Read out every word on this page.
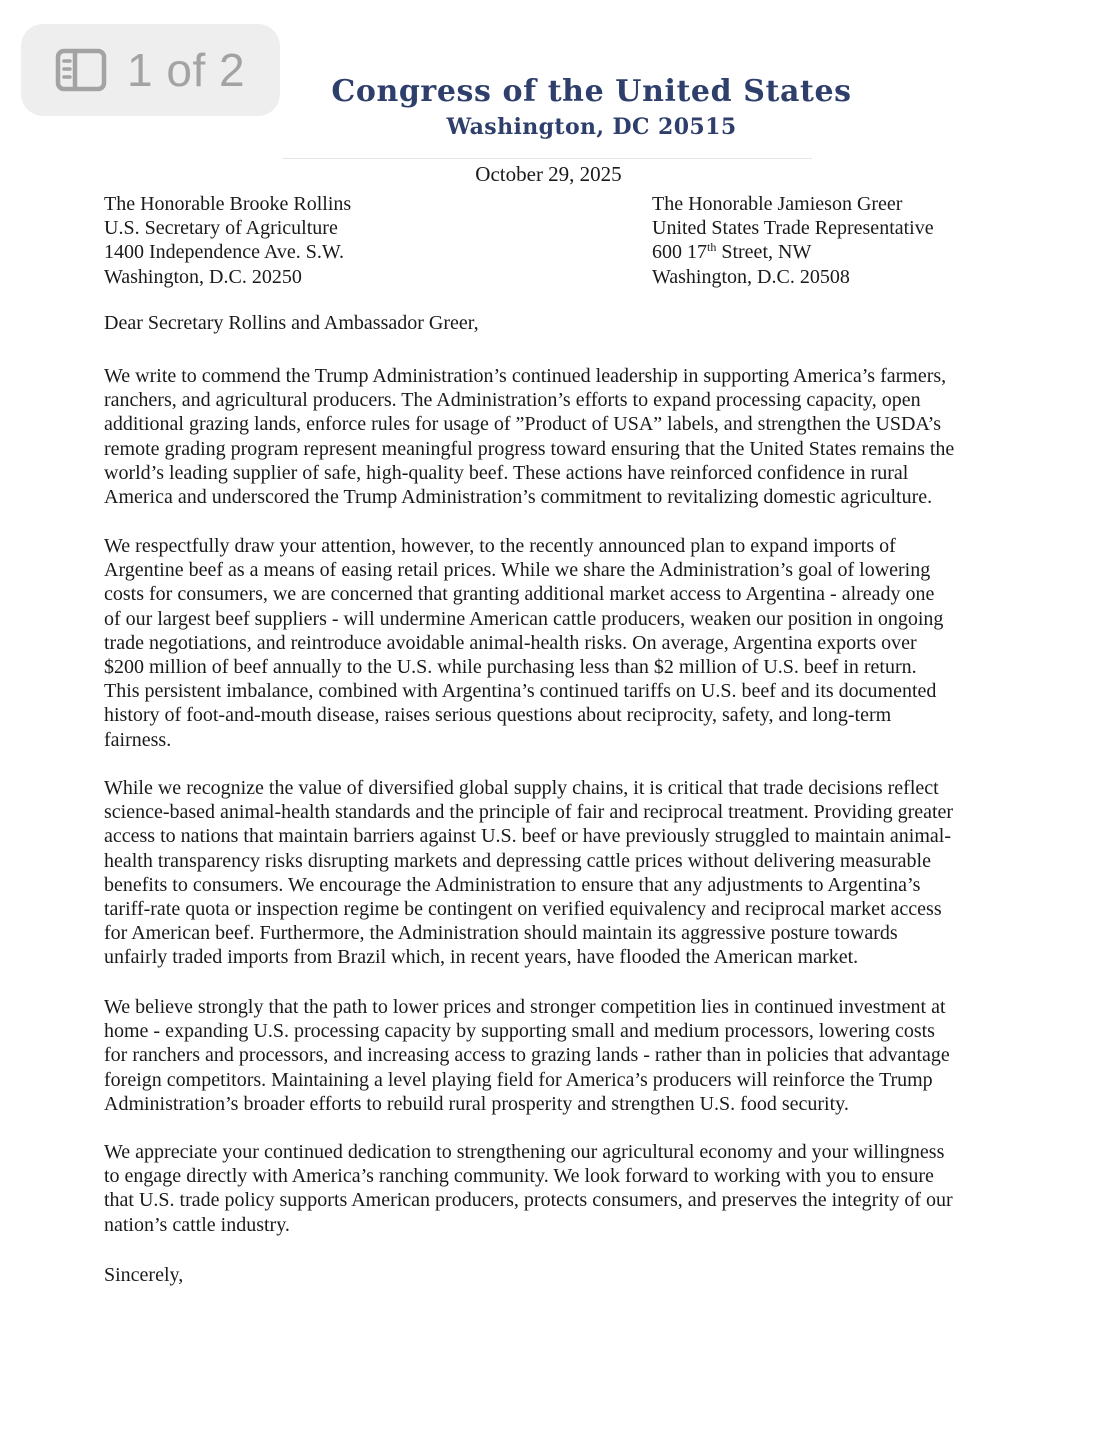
1 of 2	Congress of the United States
Washington, DC 20515
October 29, 2025
The Honorable Brooke Rollins
U.S. Secretary of Agriculture
1400 Independence Ave. S.W.
Washington, D.C. 20250
The Honorable Jamieson Greer
United States Trade Representative
600 17th Street, NW
Washington, D.C. 20508
Dear Secretary Rollins and Ambassador Greer,
We write to commend the Trump Administration’s continued leadership in supporting America’s farmers,
ranchers, and agricultural producers. The Administration’s efforts to expand processing capacity, open
additional grazing lands, enforce rules for usage of ”Product of USA” labels, and strengthen the USDA’s
remote grading program represent meaningful progress toward ensuring that the United States remains the
world’s leading supplier of safe, high-quality beef. These actions have reinforced confidence in rural
America and underscored the Trump Administration’s commitment to revitalizing domestic agriculture.
We respectfully draw your attention, however, to the recently announced plan to expand imports of
Argentine beef as a means of easing retail prices. While we share the Administration’s goal of lowering
costs for consumers, we are concerned that granting additional market access to Argentina - already one
of our largest beef suppliers - will undermine American cattle producers, weaken our position in ongoing
trade negotiations, and reintroduce avoidable animal-health risks. On average, Argentina exports over
$200 million of beef annually to the U.S. while purchasing less than $2 million of U.S. beef in return.
This persistent imbalance, combined with Argentina’s continued tariffs on U.S. beef and its documented
history of foot-and-mouth disease, raises serious questions about reciprocity, safety, and long-term
fairness.
While we recognize the value of diversified global supply chains, it is critical that trade decisions reflect
science-based animal-health standards and the principle of fair and reciprocal treatment. Providing greater
access to nations that maintain barriers against U.S. beef or have previously struggled to maintain animal-
health transparency risks disrupting markets and depressing cattle prices without delivering measurable
benefits to consumers. We encourage the Administration to ensure that any adjustments to Argentina’s
tariff-rate quota or inspection regime be contingent on verified equivalency and reciprocal market access
for American beef. Furthermore, the Administration should maintain its aggressive posture towards
unfairly traded imports from Brazil which, in recent years, have flooded the American market.
We believe strongly that the path to lower prices and stronger competition lies in continued investment at
home - expanding U.S. processing capacity by supporting small and medium processors, lowering costs
for ranchers and processors, and increasing access to grazing lands - rather than in policies that advantage
foreign competitors. Maintaining a level playing field for America’s producers will reinforce the Trump
Administration’s broader efforts to rebuild rural prosperity and strengthen U.S. food security.
We appreciate your continued dedication to strengthening our agricultural economy and your willingness
to engage directly with America’s ranching community. We look forward to working with you to ensure
that U.S. trade policy supports American producers, protects consumers, and preserves the integrity of our
nation’s cattle industry.
Sincerely,
